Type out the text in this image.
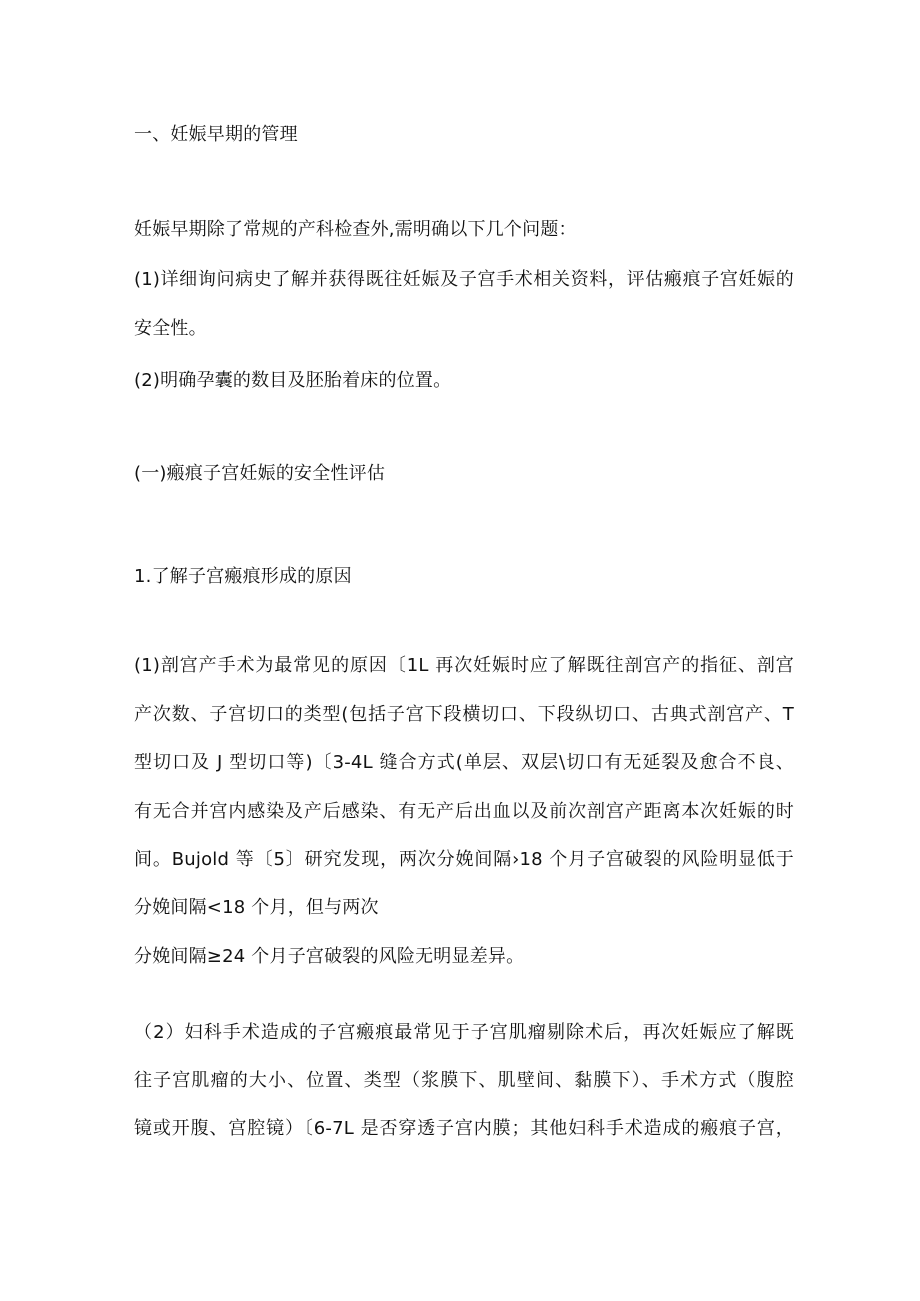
一、妊娠早期的管理
妊娠早期除了常规的产科检查外,需明确以下几个问题：
(1)详细询问病史了解并获得既往妊娠及子宫手术相关资料，评估瘢痕子宫妊娠的
安全性。
(2)明确孕囊的数目及胚胎着床的位置。
(一)瘢痕子宫妊娠的安全性评估
1.了解子宫瘢痕形成的原因
(1)剖宫产手术为最常见的原因〔1L 再次妊娠时应了解既往剖宫产的指征、剖宫
产次数、子宫切口的类型(包括子宫下段横切口、下段纵切口、古典式剖宫产、T
型切口及 J 型切口等)〔3-4L 缝合方式(单层、双层\切口有无延裂及愈合不良、
有无合并宫内感染及产后感染、有无产后出血以及前次剖宫产距离本次妊娠的时
间。Bujold 等〔5〕研究发现，两次分娩间隔›18 个月子宫破裂的风险明显低于
分娩间隔<18 个月，但与两次
分娩间隔≥24 个月子宫破裂的风险无明显差异。
（2）妇科手术造成的子宫瘢痕最常见于子宫肌瘤剔除术后，再次妊娠应了解既
往子宫肌瘤的大小、位置、类型（浆膜下、肌壁间、黏膜下）、手术方式（腹腔
镜或开腹、宫腔镜）〔6-7L 是否穿透子宫内膜；其他妇科手术造成的瘢痕子宫，
